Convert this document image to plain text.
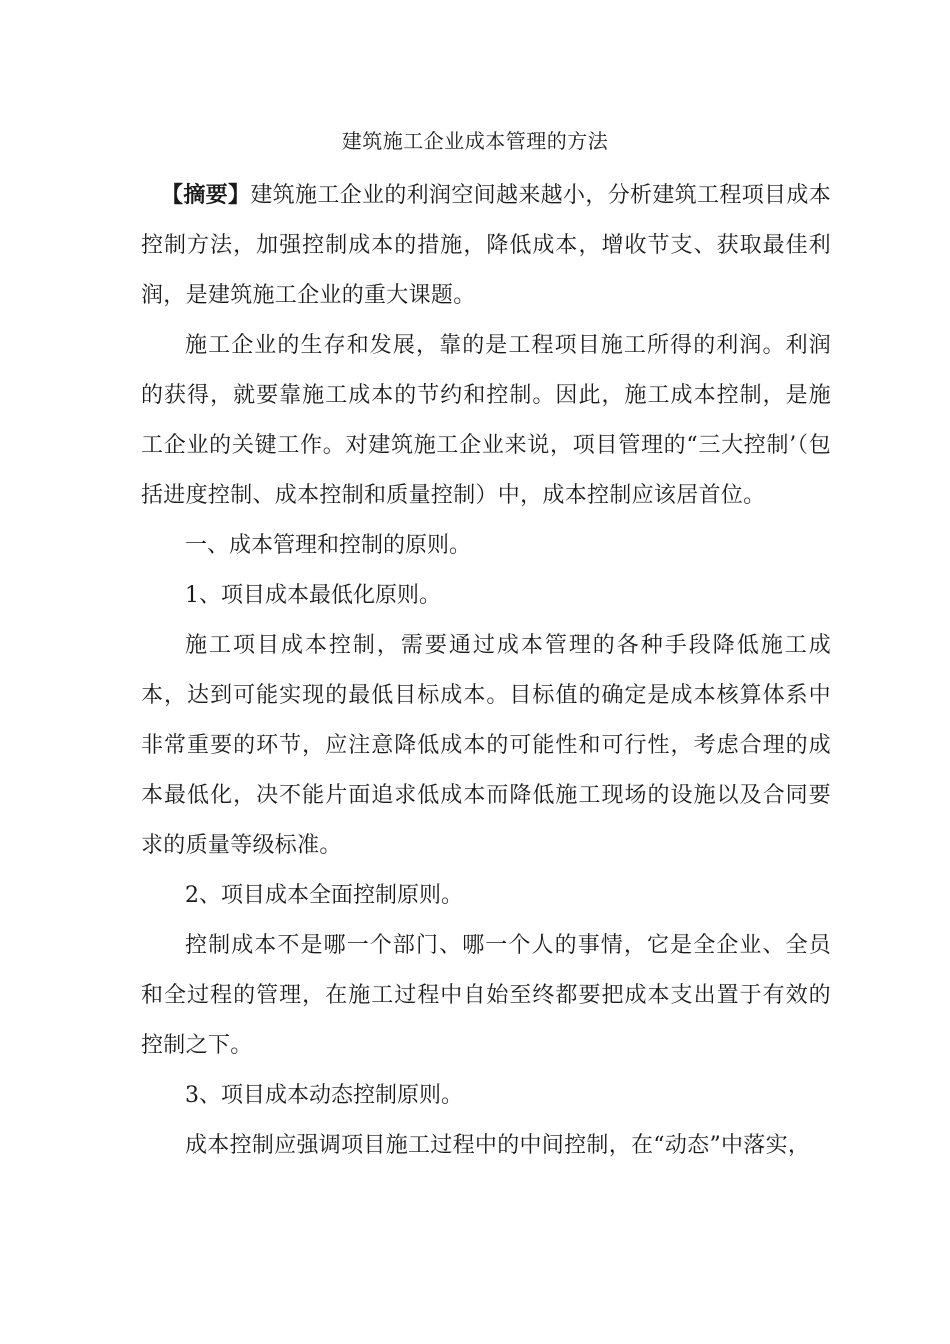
建筑施工企业成本管理的方法

【摘要】建筑施工企业的利润空间越来越小，分析建筑工程项目成本控制方法，加强控制成本的措施，降低成本，增收节支、获取最佳利润，是建筑施工企业的重大课题。

施工企业的生存和发展，靠的是工程项目施工所得的利润。利润的获得，就要靠施工成本的节约和控制。因此，施工成本控制，是施工企业的关键工作。对建筑施工企业来说，项目管理的“三大控制’（包括进度控制、成本控制和质量控制）中，成本控制应该居首位。

一、成本管理和控制的原则。

1、项目成本最低化原则。

施工项目成本控制，需要通过成本管理的各种手段降低施工成本，达到可能实现的最低目标成本。目标值的确定是成本核算体系中非常重要的环节，应注意降低成本的可能性和可行性，考虑合理的成本最低化，决不能片面追求低成本而降低施工现场的设施以及合同要求的质量等级标准。

2、项目成本全面控制原则。

控制成本不是哪一个部门、哪一个人的事情，它是全企业、全员和全过程的管理，在施工过程中自始至终都要把成本支出置于有效的控制之下。

3、项目成本动态控制原则。

成本控制应强调项目施工过程中的中间控制，在“动态”中落实，
